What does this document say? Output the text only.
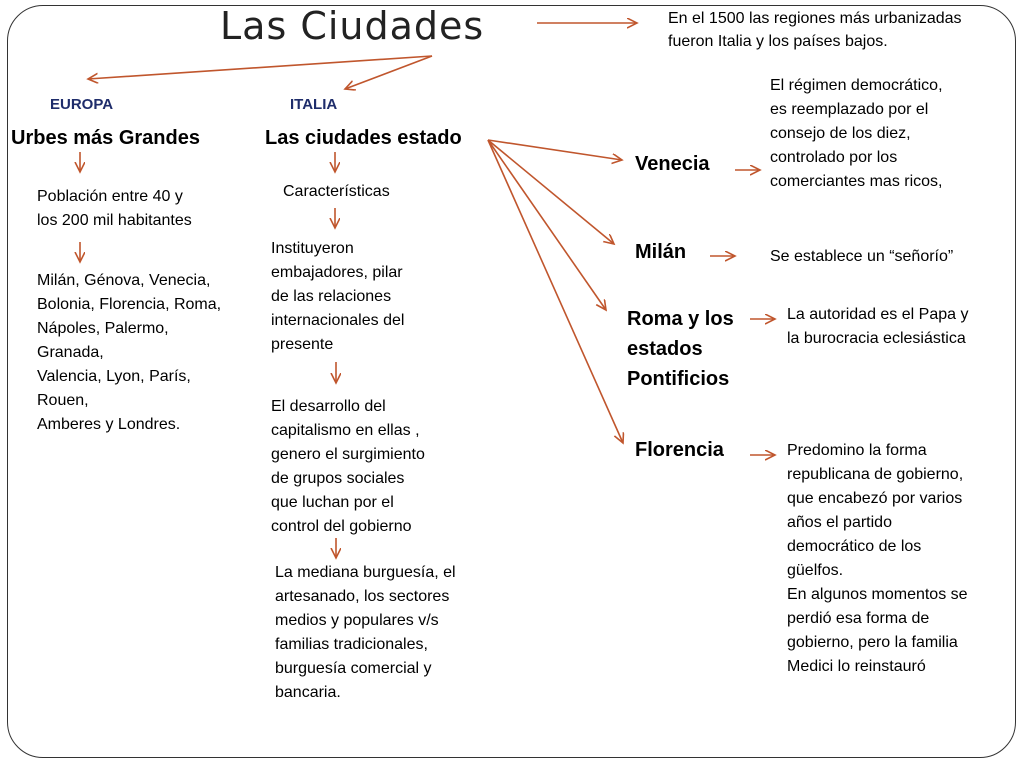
Las Ciudades	En el 1500 las regiones más urbanizadas
fueron Italia y los países bajos.
EUROPA	ITALIA
Urbes más Grandes	Las ciudades estado
Población entre 40 y
los 200 mil habitantes
Milán, Génova, Venecia,
Bolonia, Florencia, Roma,
Nápoles, Palermo,
Granada,
Valencia, Lyon, París,
Rouen,
Amberes y Londres.
Características
Instituyeron
embajadores, pilar
de las relaciones
internacionales del
presente
El desarrollo del
capitalismo en ellas ,
genero el surgimiento
de grupos sociales
que luchan por el
control del gobierno
La mediana burguesía, el
artesanado, los sectores
medios y populares v/s
familias tradicionales,
burguesía comercial y
bancaria.
Venecia
El régimen democrático,
es reemplazado por el
consejo de los diez,
controlado por los
comerciantes mas ricos,
Milán	Se establece un “señorío”
Roma y los
estados
Pontificios
La autoridad es el Papa y
la burocracia eclesiástica
Florencia	Predomino la forma
republicana de gobierno,
que encabezó por varios
años el partido
democrático de los
güelfos.
En algunos momentos se
perdió esa forma de
gobierno, pero la familia
Medici lo reinstauró
